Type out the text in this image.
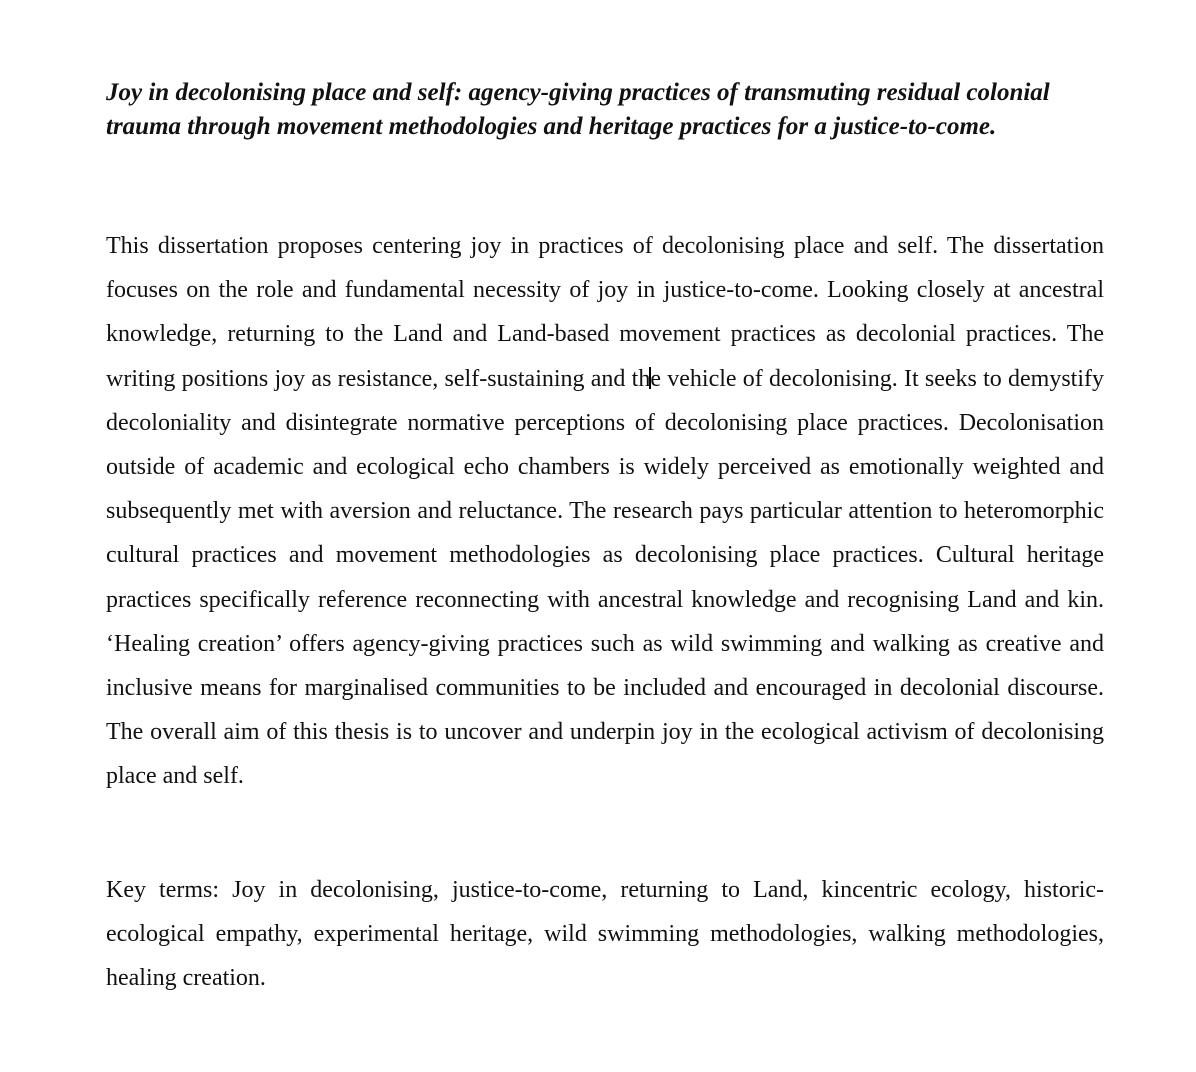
Joy in decolonising place and self: agency-giving practices of transmuting residual colonial trauma through movement methodologies and heritage practices for a justice-to-come.

This dissertation proposes centering joy in practices of decolonising place and self. The dissertation focuses on the role and fundamental necessity of joy in justice-to-come. Looking closely at ancestral knowledge, returning to the Land and Land-based movement practices as decolonial practices. The writing positions joy as resistance, self-sustaining and the vehicle of decolonising. It seeks to demystify decoloniality and disintegrate normative perceptions of decolonising place practices. Decolonisation outside of academic and ecological echo chambers is widely perceived as emotionally weighted and subsequently met with aversion and reluctance. The research pays particular attention to heteromorphic cultural practices and movement methodologies as decolonising place practices. Cultural heritage practices specifically reference reconnecting with ancestral knowledge and recognising Land and kin. ‘Healing creation’ offers agency-giving practices such as wild swimming and walking as creative and inclusive means for marginalised communities to be included and encouraged in decolonial discourse. The overall aim of this thesis is to uncover and underpin joy in the ecological activism of decolonising place and self.

Key terms: Joy in decolonising, justice-to-come, returning to Land, kincentric ecology, historic-ecological empathy, experimental heritage, wild swimming methodologies, walking methodologies, healing creation.
